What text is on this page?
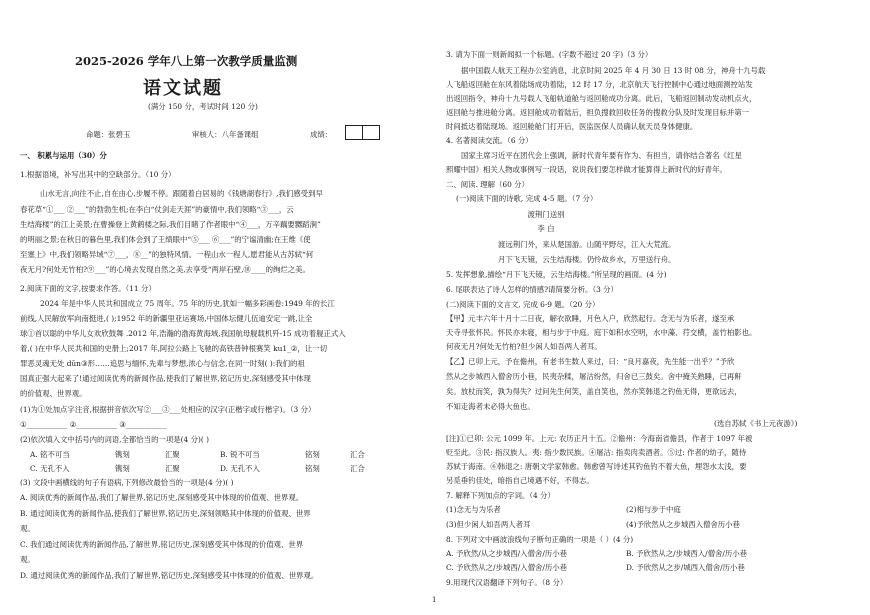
2025-2026 学年八上第一次教学质量监测
语文试题
(满分 150 分，考试时间 120 分)
命题：张碧玉	审核人：八年备课组	成绩：
一、 积累与运用（30）分
1.根据语境，补写出其中的空缺部分。（10 分）
山水无言,向往不止,自在由心,步履不停。跟随着白居易的《钱塘湖春行》,我们感受到早
春花草“①___ ②___”的勃勃生机;在李白“仗剑走天涯”的豪情中,我们领略“③___，云
生结海楼”的江上美景;在曹操登上黄鹤楼之际,我们目睹了作者眼中“④___，万辛藕要嬲蹈涧”
的明丽之景;在秋日的暮色里,我们体会到了王绩眼中“⑤___ ⑥___”的宁谧清幽;在王维《使
至塞上》中,我们领略异域“⑦___，⑧__”的独特风情。一程山水一程人,愿君能从古苏轼“何
夜无月?何处无竹柏?⑨___”的心境去发现自然之美,去享受“两岸石壁,⑩____的绚烂之美。
2.阅读下面的文字,按要求作答。（11 分）
2024 年是中华人民共和国成立 75 周年。75 年的历史,犹如一幅多彩画卷:1949 年的长江
前线,人民解放军向南挺进,( );1952 年的新疆里亚运赛场,中国体坛健儿伍迪安定一跳,让全
球①首以聪的中华儿女欢欣鼓舞 .2012 年,浩瀚的渤海黄海域,我国航母舰载机歼-15 成功着舰正式入
着,( )在中华人民共和国的史册上;2017 年,阿拉公路上飞驰的高铁普钟根赛笑 ku1_②，让一切
罪恶灵魂无处 dǔn③形……追思与缅怀,先辈与梦想,浓心与信念,在同一时刻( ):我们的祖
国真正强大起来了!通过阅读优秀的新闻作品,使我们了解世界,铭记历史,深刻感受其中体现
的价值观、世界观。
(1)为①处加点字注音,根据拼音依次写②___③___处相应的汉字(正楷字或行楷字)。（3 分）
①___________ ②___________ ③___________
(2)依次填入文中括号内的词语,全都恰当的一项是(4 分)( )
A. 铭不可当	镌刻	汇聚	B. 锐不可当	铭刻	汇合
C. 无孔不入	镌刻	汇聚	D. 无孔不入	铭刻	汇合
(3) 文段中画横线的句子有语病,下列修改最恰当的一项是(4 分)( )
A. 阅读优秀的新闻作品,我们了解世界,铭记历史,深刻感受其中体现的价值观、世界观。
B. 通过阅读优秀的新闻作品,使我们了解世界,铭记历史,深刻领略其中体现的价值观、世界
观。
C. 我们通过阅读优秀的新闻作品,了解世界,铭记历史,深刻感受其中体现的价值观、世界
观。
D. 通过阅读优秀的新闻作品,我们了解世界,铭记历史,深刻感受其中体现的价值观、世界观。
3. 请为下面一则新闻拟一个标题。(字数不超过 20 字)（3 分）
据中国载人航天工程办公室消息，北京时间 2025 年 4 月 30 日 13 时 08 分，神舟十九号载
人飞船返回舱在东风着陆场成功着陆，12 时 17 分，北京航天飞行控制中心通过地面测控站发
出返回指令，神舟十九号载人飞船轨道舱与返回舱成功分离。此后，飞船返回制动发动机点火，
返回舱与推进舱分离。返回舱成功着陆后，担负搜救回收任务的搜救分队及时发现目标并第一
时间抵达着陆现场。返回舱舱门打开后，医监医保人员确认航天员身体健康。
4. 名著阅读交流。（6 分）
国家主席习近平在团代会上强调，新时代青年要有作为、有担当，请你结合著名《红星
照耀中国》相关人物或事例写一段话，说说我们要怎样做才能算得上新时代的好青年。
二、阅读. 理解（60 分）
(一)阅读下面的诗歌, 完成 4-5 题。（7 分）
渡荆门送别
李 白
渡远荆门外，来从楚国游。山随平野尽，江入大荒流。
月下飞天镜，云生结海楼。仍怜故乡水，万里送行舟。
5. 发挥想象,描绘“月下飞天镜，云生结海楼。”所呈现的画面。(4 分)
6. 尾联表达了诗人怎样的情感?请简要分析。（3 分）
(二)阅读下面的文言文, 完成 6-9 题。（20 分）
【甲】元丰六年十月十二日夜，解衣欲睡，月色入户，欣然起行。念无与为乐者，遂至承
天寺寻张怀民。怀民亦未寝，相与步于中庭。庭下如积水空明，水中藻、荇交横，盖竹柏影也。
何夜无月?何处无竹柏?但少闲人如吾两人者耳。
【乙】已卯上元，予在儋州，有老书生数人来过，曰：“良月嘉夜，先生能一出乎？”予欣
然从之步城西入僧舍历小巷，民夷杂糅，屠沽纷然，归舍已三鼓矣。舍中掩关熟睡，已再鼾
矣。放杖而笑，孰为得失？过问先生何笑，盖自笑也，然亦笑韩退之钓鱼无得，更欲远去，
不知走海者未必得大鱼也。
(选自苏轼《书上元夜游》)
[注]①已卯: 公元 1099 年。上元: 农历正月十五。②儋州：今海南省儋县，作者于 1097 年被
贬至此。③民: 指汉族人。夷: 指少数民族。④屠沽: 指卖肉卖酒者。⑤过: 作者的幼子，随侍
苏轼于海南。⑥韩退之: 唐朝文学家韩愈。韩愈曾写诗述其钓鱼钓不着大鱼，埋怨水太浅，要
另觅垂钓佳处，暗指自己境遇不好，不得志。
7. 解释下列加点的字词。（4 分）
(1)念无与为乐者	(2)相与步于中庭
(3)但少闲人如吾两人者耳	(4)予欣然从之步城西入僧舍历小巷
8. 下列对文中画波浪线句子断句正确的一项是（ ）(4 分)
A. 予欣然/从之步城西/入僧舍/历小巷	B. 予欣然从之/步城西入/僧舍/历小巷
C. 予欣然从之/步城西/入僧舍/历小巷	D. 予欣然从之步/城西入僧舍/历小巷
9.用现代汉语翻译下列句子。（8 分）
1
